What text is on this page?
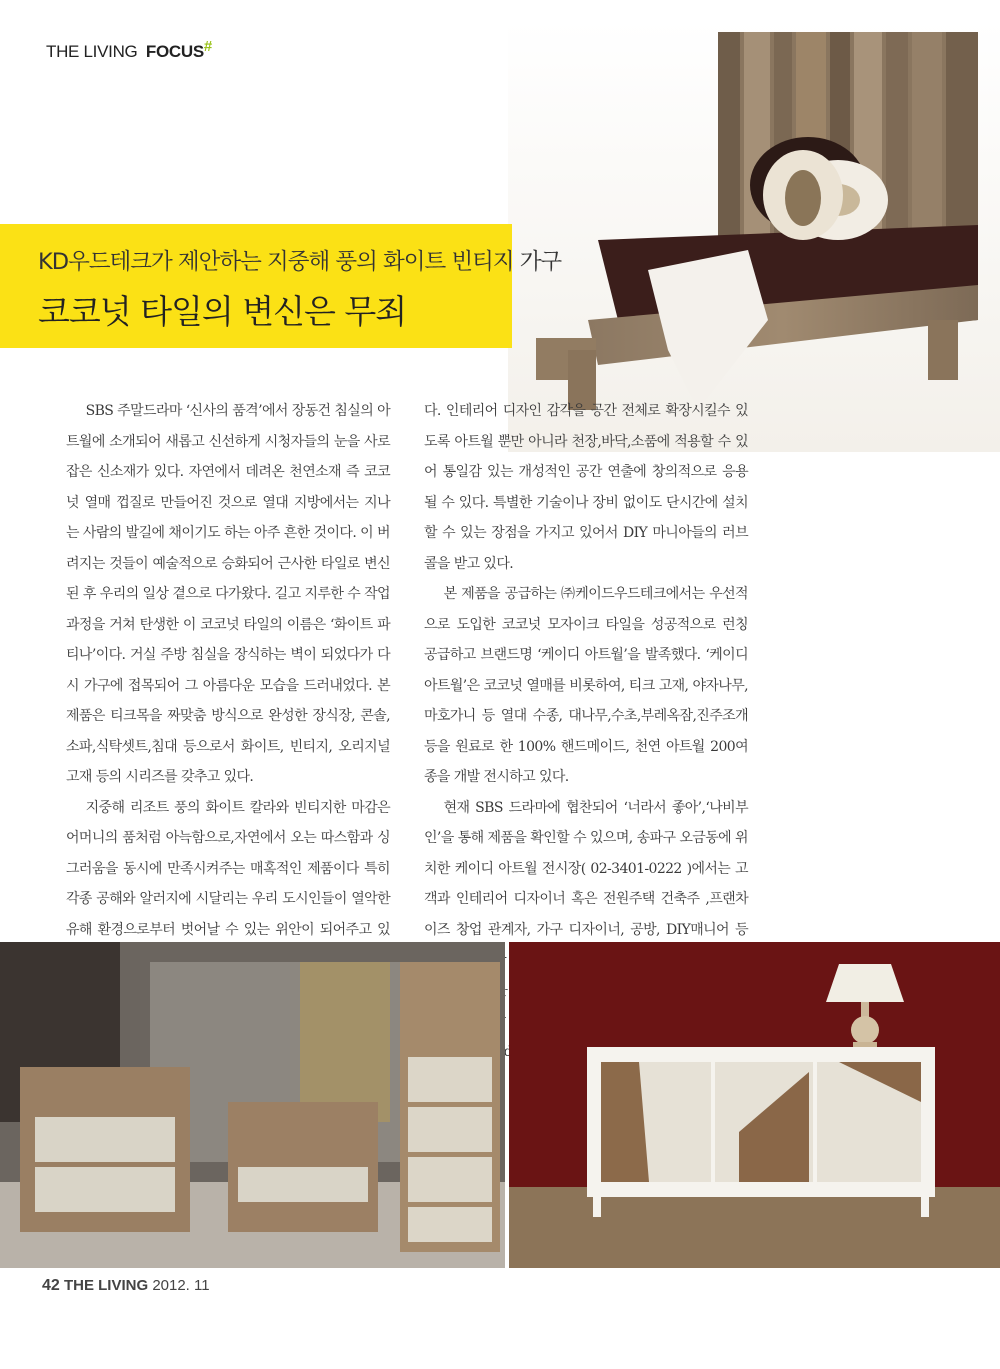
THE LIVING FOCUS#
KD우드테크가 제안하는 지중해 풍의 화이트 빈티지 가구
코코넛 타일의 변신은 무죄

SBS 주말드라마 ‘신사의 품격’에서 장동건 침실의 아트월에 소개되어 새롭고 신선하게 시청자들의 눈을 사로잡은 신소재가 있다. 자연에서 데려온 천연소재 즉 코코넛 열매 껍질로 만들어진 것으로 열대 지방에서는 지나는 사람의 발길에 채이기도 하는 아주 흔한 것이다. 이 버려지는 것들이 예술적으로 승화되어 근사한 타일로 변신된 후 우리의 일상 곁으로 다가왔다. 길고 지루한 수 작업 과정을 거쳐 탄생한 이 코코넛 타일의 이름은 ‘화이트 파티나’이다. 거실 주방 침실을 장식하는 벽이 되었다가 다시 가구에 접목되어 그 아름다운 모습을 드러내었다. 본 제품은 티크목을 짜맞춤 방식으로 완성한 장식장, 콘솔,소파,식탁셋트,침대 등으로서 화이트, 빈티지, 오리지널 고재 등의 시리즈를 갖추고 있다.

지중해 리조트 풍의 화이트 칼라와 빈티지한 마감은 어머니의 품처럼 아늑함으로,자연에서 오는 따스함과 싱그러움을 동시에 만족시켜주는 매혹적인 제품이다 특히 각종 공해와 알러지에 시달리는 우리 도시인들이 열악한 유해 환경으로부터 벗어날 수 있는 위안이 되어주고 있

다. 인테리어 디자인 감각을 공간 전체로 확장시킬수 있도록 아트월 뿐만 아니라 천장,바닥,소품에 적용할 수 있어 통일감 있는 개성적인 공간 연출에 창의적으로 응용될 수 있다. 특별한 기술이나 장비 없이도 단시간에 설치할 수 있는 장점을 가지고 있어서 DIY 마니아들의 러브콜을 받고 있다.

본 제품을 공급하는 ㈜케이드우드테크에서는 우선적으로 도입한 코코넛 모자이크 타일을 성공적으로 런칭 공급하고 브랜드명 ‘케이디 아트월’을 발족했다. ‘케이디 아트월’은 코코넛 열매를 비롯하여, 티크 고재, 야자나무, 마호가니 등 열대 수종, 대나무,수초,부레옥잠,진주조개 등을 원료로 한 100% 핸드메이드, 천연 아트월 200여 종을 개발 전시하고 있다.

현재 SBS 드라마에 협찬되어 ‘너라서 좋아’,‘나비부인’을 통해 제품을 확인할 수 있으며, 송파구 오금동에 위치한 케이디 아트월 전시장( 02-3401-0222 )에서는 고객과 인테리어 디자이너 혹은 전원주택 건축주 ,프랜차이즈 창업 관계자, 가구 디자이너, 공방, DIY매니어 등

42 THE LIVING 2012. 11
